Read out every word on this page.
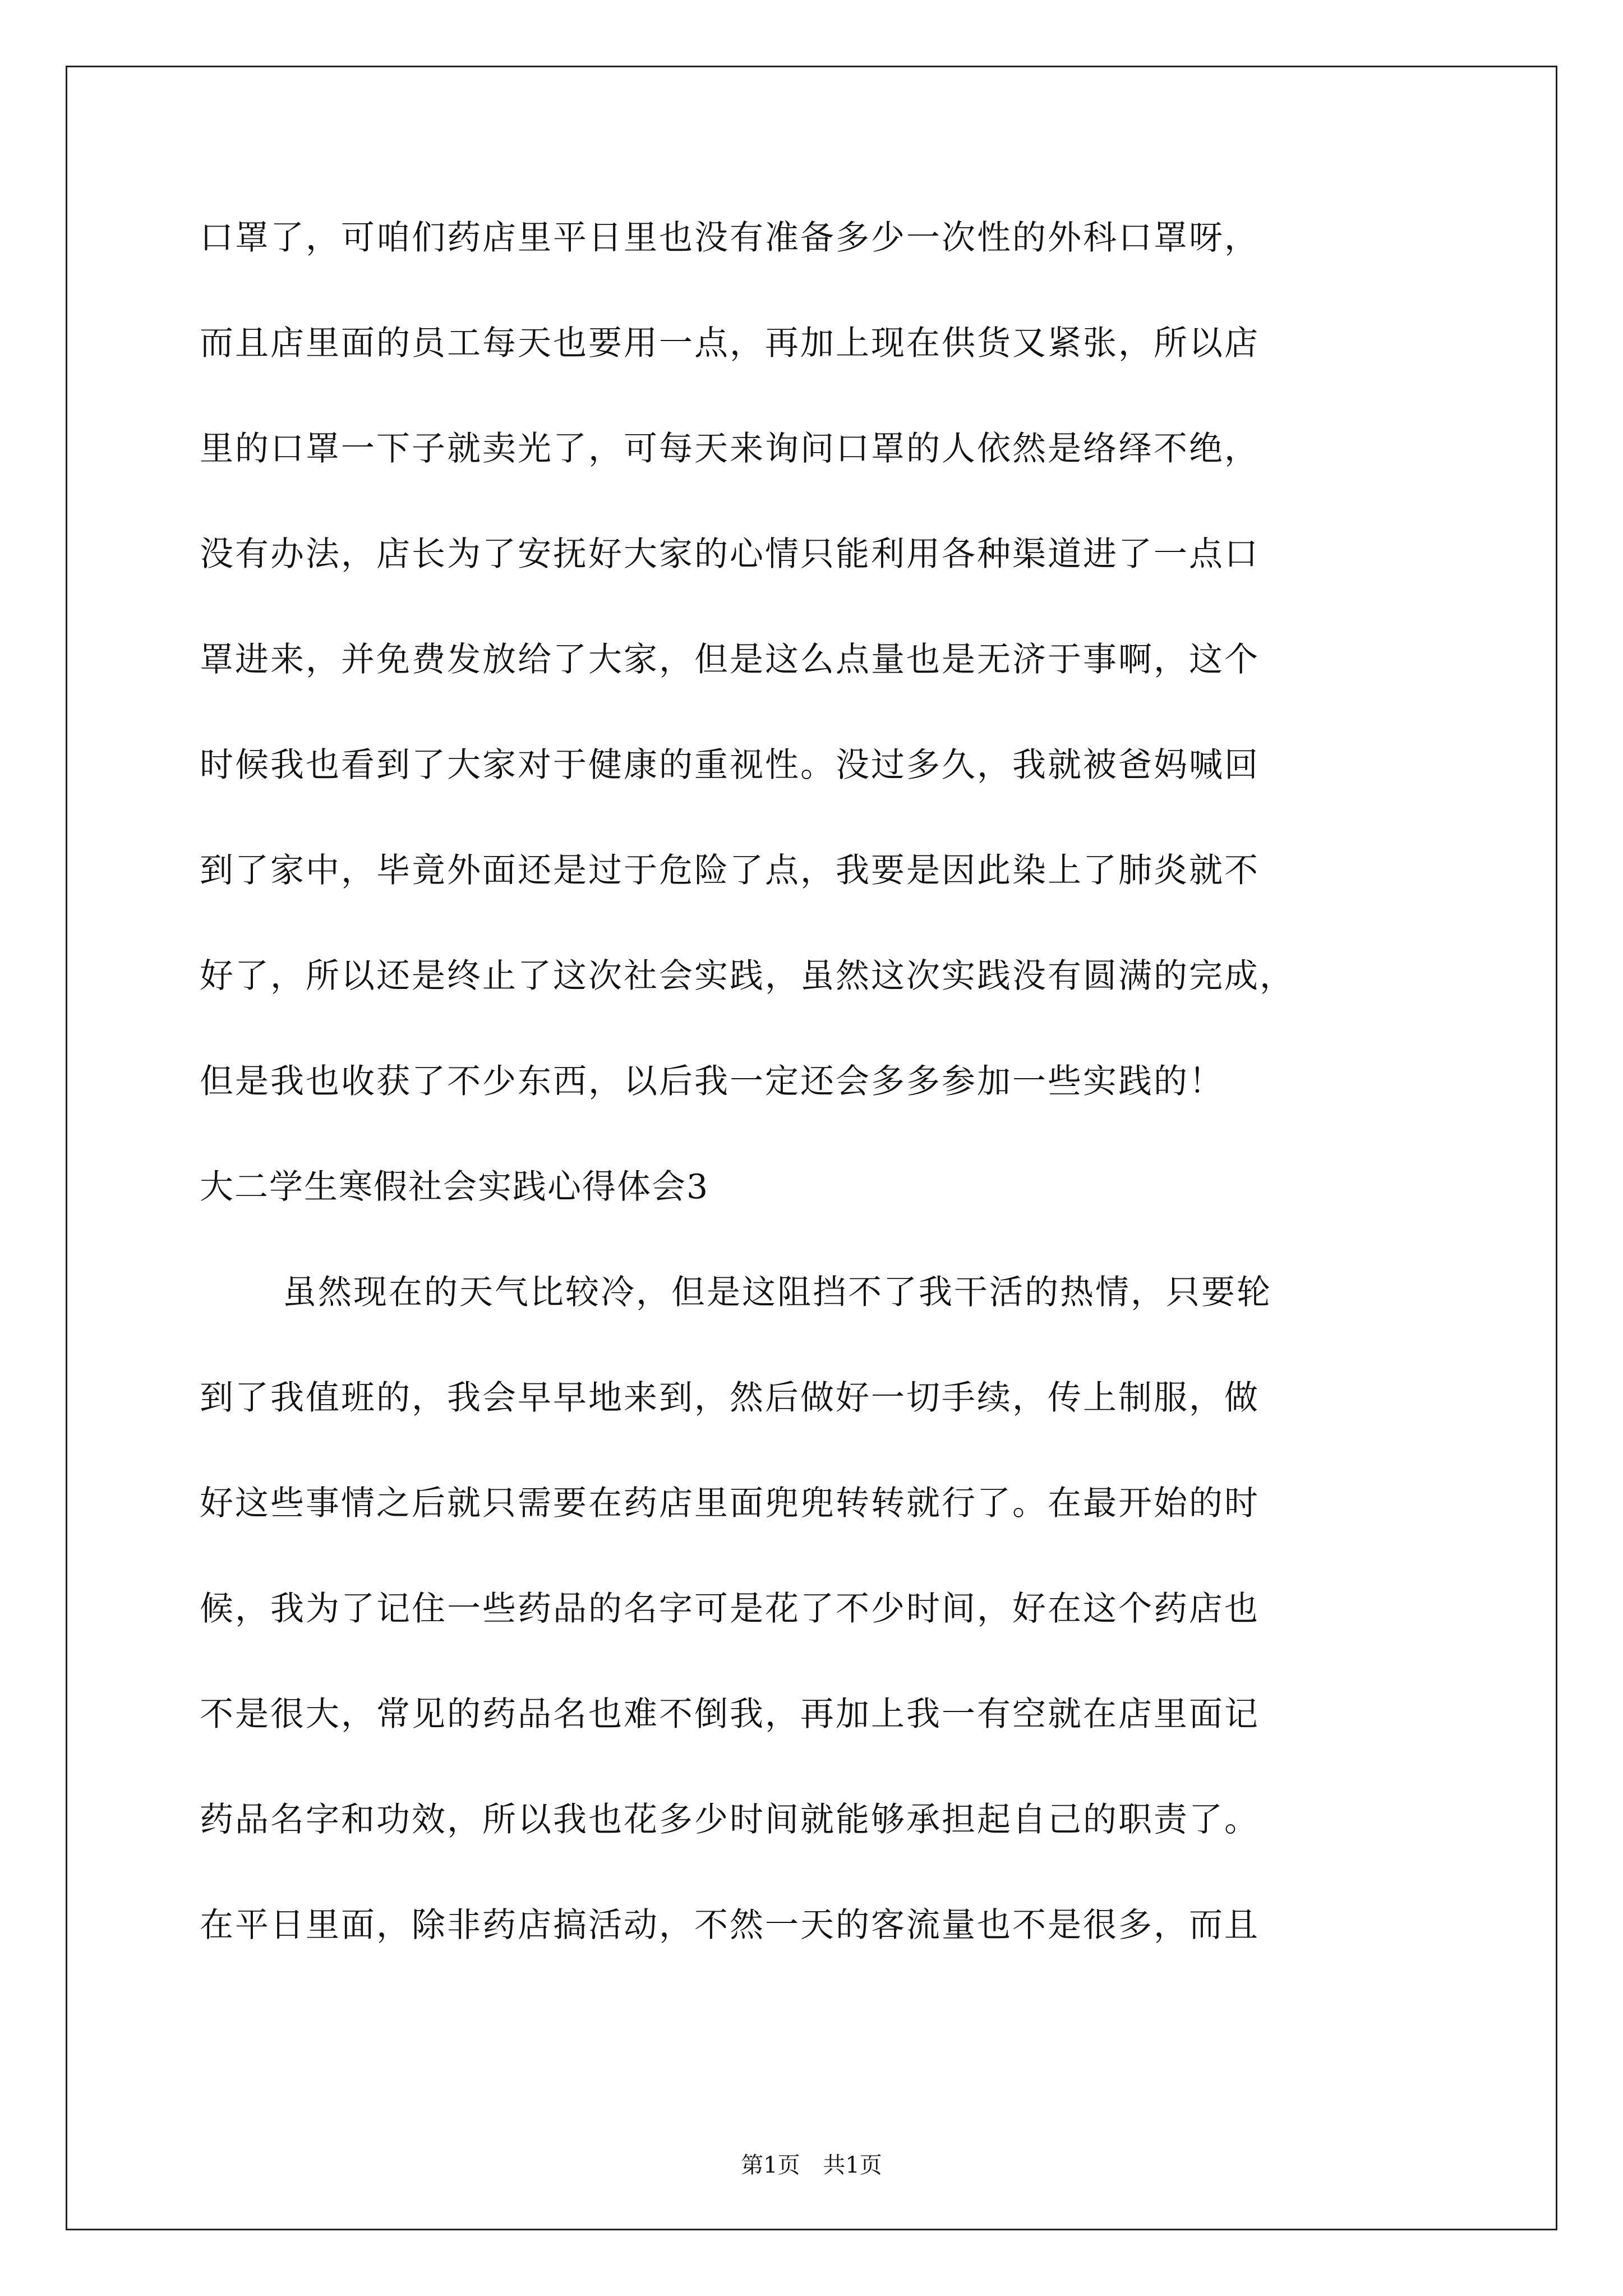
口罩了，可咱们药店里平日里也没有准备多少一次性的外科口罩呀，
而且店里面的员工每天也要用一点，再加上现在供货又紧张，所以店
里的口罩一下子就卖光了，可每天来询问口罩的人依然是络绎不绝，
没有办法，店长为了安抚好大家的心情只能利用各种渠道进了一点口
罩进来，并免费发放给了大家，但是这么点量也是无济于事啊，这个
时候我也看到了大家对于健康的重视性。没过多久，我就被爸妈喊回
到了家中，毕竟外面还是过于危险了点，我要是因此染上了肺炎就不
好了，所以还是终止了这次社会实践，虽然这次实践没有圆满的完成，
但是我也收获了不少东西，以后我一定还会多多参加一些实践的！
大二学生寒假社会实践心得体会3
虽然现在的天气比较冷，但是这阻挡不了我干活的热情，只要轮
到了我值班的，我会早早地来到，然后做好一切手续，传上制服，做
好这些事情之后就只需要在药店里面兜兜转转就行了。在最开始的时
候，我为了记住一些药品的名字可是花了不少时间，好在这个药店也
不是很大，常见的药品名也难不倒我，再加上我一有空就在店里面记
药品名字和功效，所以我也花多少时间就能够承担起自己的职责了。
在平日里面，除非药店搞活动，不然一天的客流量也不是很多，而且
第1页 共1页
